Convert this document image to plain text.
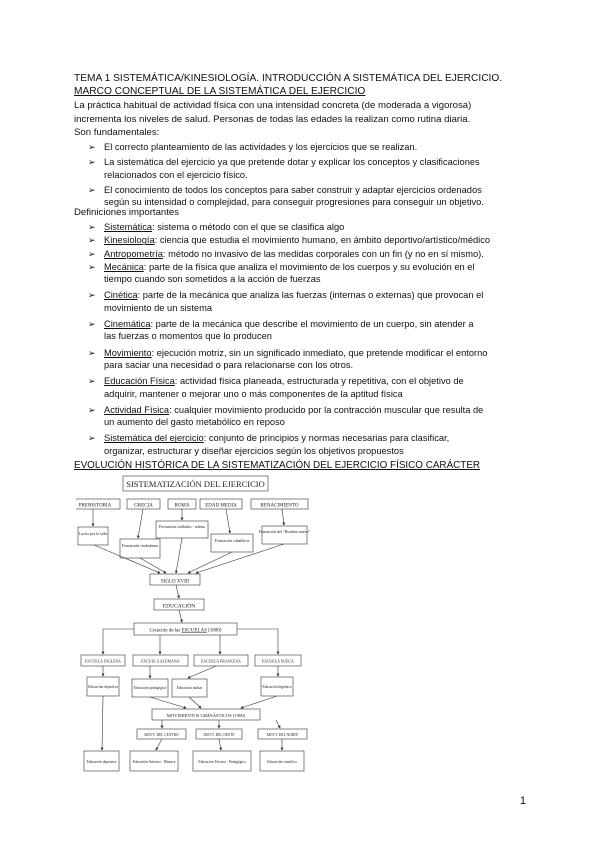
TEMA 1 SISTEMÁTICA/KINESIOLOGÍA. INTRODUCCIÓN A SISTEMÁTICA DEL EJERCICIO.
MARCO CONCEPTUAL DE LA SISTEMÁTICA DEL EJERCICIO
La práctica habitual de actividad física con una intensidad concreta (de moderada a vigorosa)
incrementa los niveles de salud. Personas de todas las edades la realizan como rutina diaria.
Son fundamentales:
➢ El correcto planteamiento de las actividades y los ejercicios que se realizan.
➢ La sistemática del ejercicio ya que pretende dotar y explicar los conceptos y clasificaciones
relacionados con el ejercicio físico.
➢ El conocimiento de todos los conceptos para saber construir y adaptar ejercicios ordenados
según su intensidad o complejidad, para conseguir progresiones para conseguir un objetivo.
Definiciones importantes
➢ Sistemática: sistema o método con el que se clasifica algo
➢ Kinesiología: ciencia que estudia el movimiento humano, en ámbito deportivo/artístico/médico
➢ Antropometría: método no invasivo de las medidas corporales con un fin (y no en sí mismo).
➢ Mecánica: parte de la física que analiza el movimiento de los cuerpos y su evolución en el
tiempo cuando son sometidos a la acción de fuerzas
➢ Cinética: parte de la mecánica que analiza las fuerzas (internas o externas) que provocan el
movimiento de un sistema
➢ Cinemática: parte de la mecánica que describe el movimiento de un cuerpo, sin atender a
las fuerzas o momentos que lo producen
➢ Movimiento: ejecución motriz, sin un significado inmediato, que pretende modificar el entorno
para saciar una necesidad o para relacionarse con los otros.
➢ Educación Física: actividad física planeada, estructurada y repetitiva, con el objetivo de
adquirir, mantener o mejorar uno o más componentes de la aptitud física
➢ Actividad Física: cualquier movimiento producido por la contracción muscular que resulta de
un aumento del gasto metabólico en reposo
➢ Sistemática del ejercicio: conjunto de principios y normas necesarias para clasificar,
organizar, estructurar y diseñar ejercicios según los objetivos propuestos
EVOLUCIÓN HISTÓRICA DE LA SISTEMATIZACIÓN DEL EJERCICIO FÍSICO CARÁCTER
SISTEMATIZACIÓN DEL EJERCICIO
PREHISTORIA	GRECIA	ROMA	EDAD MEDIA	RENACIMIENTO
Lucha por la vida
Formación ciudadanos
Formación soldados - atletas
Formación caballeros
Formación del "Hombre nuevo"
SIGLO XVIII
EDUCACIÓN
Creación de las ESCUELAS (1800)
ESCUELA INGLESA	ESCUELA ALEMANA	ESCUELA FRANCESA	ESCUELA SUECA
Educación deportiva	Educación pedagógica	Educación militar	Educación higiénica
MOVIMIENTOS GIMNÁSTICOS (1900)
MOVT. DEL CENTRO	MOVT. DEL OESTE	MOVT. DEL NORTE
Educación deportiva	Educación Artístico · Rítmica	Educación Técnico · Pedagógica	Educación científica
1
